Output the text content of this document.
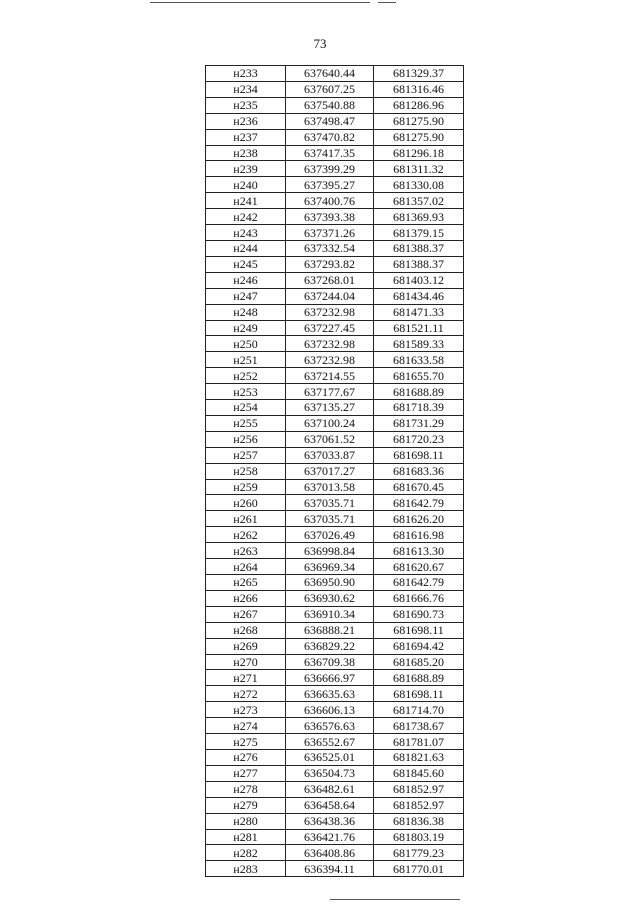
73
н233	637640.44	681329.37
н234	637607.25	681316.46
н235	637540.88	681286.96
н236	637498.47	681275.90
н237	637470.82	681275.90
н238	637417.35	681296.18
н239	637399.29	681311.32
н240	637395.27	681330.08
н241	637400.76	681357.02
н242	637393.38	681369.93
н243	637371.26	681379.15
н244	637332.54	681388.37
н245	637293.82	681388.37
н246	637268.01	681403.12
н247	637244.04	681434.46
н248	637232.98	681471.33
н249	637227.45	681521.11
н250	637232.98	681589.33
н251	637232.98	681633.58
н252	637214.55	681655.70
н253	637177.67	681688.89
н254	637135.27	681718.39
н255	637100.24	681731.29
н256	637061.52	681720.23
н257	637033.87	681698.11
н258	637017.27	681683.36
н259	637013.58	681670.45
н260	637035.71	681642.79
н261	637035.71	681626.20
н262	637026.49	681616.98
н263	636998.84	681613.30
н264	636969.34	681620.67
н265	636950.90	681642.79
н266	636930.62	681666.76
н267	636910.34	681690.73
н268	636888.21	681698.11
н269	636829.22	681694.42
н270	636709.38	681685.20
н271	636666.97	681688.89
н272	636635.63	681698.11
н273	636606.13	681714.70
н274	636576.63	681738.67
н275	636552.67	681781.07
н276	636525.01	681821.63
н277	636504.73	681845.60
н278	636482.61	681852.97
н279	636458.64	681852.97
н280	636438.36	681836.38
н281	636421.76	681803.19
н282	636408.86	681779.23
н283	636394.11	681770.01
